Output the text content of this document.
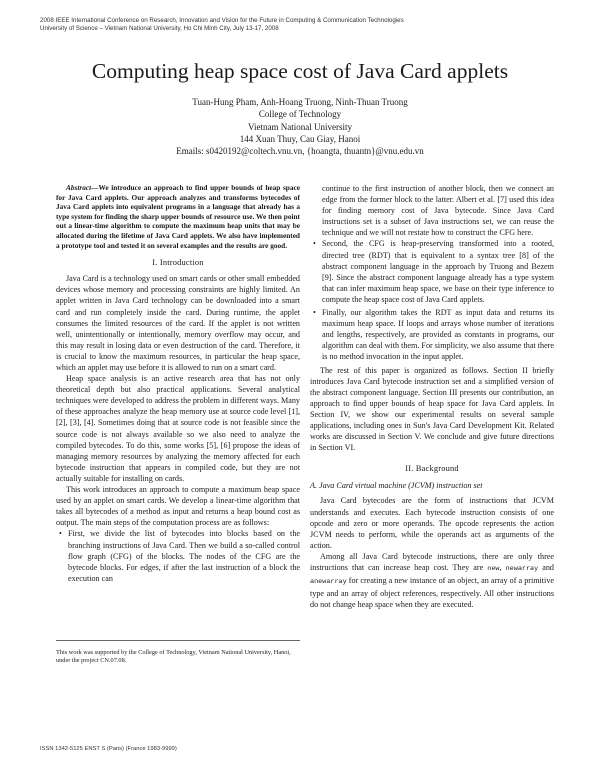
2008 IEEE International Conference on Research, Innovation and Vision for the Future in Computing & Communication Technologies
University of Science – Vietnam National University, Ho Chi Minh City, July 13-17, 2008
Computing heap space cost of Java Card applets
Tuan-Hung Pham, Anh-Hoang Truong, Ninh-Thuan Truong
College of Technology
Vietnam National University
144 Xuan Thuy, Cau Giay, Hanoi
Emails: s0420192@coltech.vnu.vn, {hoangta, thuantn}@vnu.edu.vn

Abstract—We introduce an approach to find upper bounds of heap space for Java Card applets. Our approach analyzes and transforms bytecodes of Java Card applets into equivalent programs in a language that already has a type system for finding the sharp upper bounds of resource use. We then point out a linear-time algorithm to compute the maximum heap units that may be allocated during the lifetime of Java Card applets. We also have implemented a prototype tool and tested it on several examples and the results are good.

I. Introduction

Java Card is a technology used on smart cards or other small embedded devices whose memory and processing constraints are highly limited. An applet written in Java Card technology can be downloaded into a smart card and run completely inside the card. During runtime, the applet consumes the limited resources of the card. If the applet is not written well, unintentionally or intentionally, memory overflow may occur, and this may result in losing data or even destruction of the card. Therefore, it is crucial to know the maximum resources, in particular the heap space, which an applet may use before it is allowed to run on a smart card.

Heap space analysis is an active research area that has not only theoretical depth but also practical applications. Several analytical techniques were developed to address the problem in different ways. Many of these approaches analyze the heap memory use at source code level [1], [2], [3], [4]. Sometimes doing that at source code is not feasible since the source code is not always available so we also need to analyze the compiled bytecodes. To do this, some works [5], [6] propose the ideas of managing memory resources by analyzing the memory affected for each bytecode instruction that appears in compiled code, but they are not actually suitable for installing on cards.

This work introduces an approach to compute a maximum heap space used by an applet on smart cards. We develop a linear-time algorithm that takes all bytecodes of a method as input and returns a heap bound cost as output. The main steps of the computation process are as follows:

• First, we divide the list of bytecodes into blocks based on the branching instructions of Java Card. Then we build a so-called control flow graph (CFG) of the blocks. The nodes of the CFG are the bytecode blocks. For edges, if after the last instruction of a block the execution can
This work was supported by the College of Technology, Vietnam National University, Hanoi, under the project CN.07.08.

continue to the first instruction of another block, then we connect an edge from the former block to the latter. Albert et al. [7] used this idea for finding memory cost of Java bytecode. Since Java Card instructions set is a subset of Java instructions set, we can reuse the technique and we will not restate how to construct the CFG here.

• Second, the CFG is heap-preserving transformed into a rooted, directed tree (RDT) that is equivalent to a syntax tree [8] of the abstract component language in the approach by Truong and Bezem [9]. Since the abstract component language already has a type system that can infer maximum heap space, we base on their type inference to compute the heap space cost of Java Card applets.
• Finally, our algorithm takes the RDT as input data and returns its maximum heap space. If loops and arrays whose number of iterations and lengths, respectively, are provided as constants in programs, our algorithm can deal with them. For simplicity, we also assume that there is no method invocation in the input applet.

The rest of this paper is organized as follows. Section II briefly introduces Java Card bytecode instruction set and a simplified version of the abstract component language. Section III presents our contribution, an approach to find upper bounds of heap space for Java Card applets. In Section IV, we show our experimental results on several sample applications, including ones in Sun's Java Card Development Kit. Related works are discussed in Section V. We conclude and give future directions in Section VI.

II. Background
A. Java Card virtual machine (JCVM) instruction set

Java Card bytecodes are the form of instructions that JCVM understands and executes. Each bytecode instruction consists of one opcode and zero or more operands. The opcode represents the action JCVM needs to perform, while the operands act as arguments of the action.

Among all Java Card bytecode instructions, there are only three instructions that can increase heap cost. They are new, newarray and anewarray for creating a new instance of an object, an array of a primitive type and an array of object references, respectively. All other instructions do not change heap space when they are executed.

ISSN 1342-5125 ENST S (Paris) (France 1983-9999)
